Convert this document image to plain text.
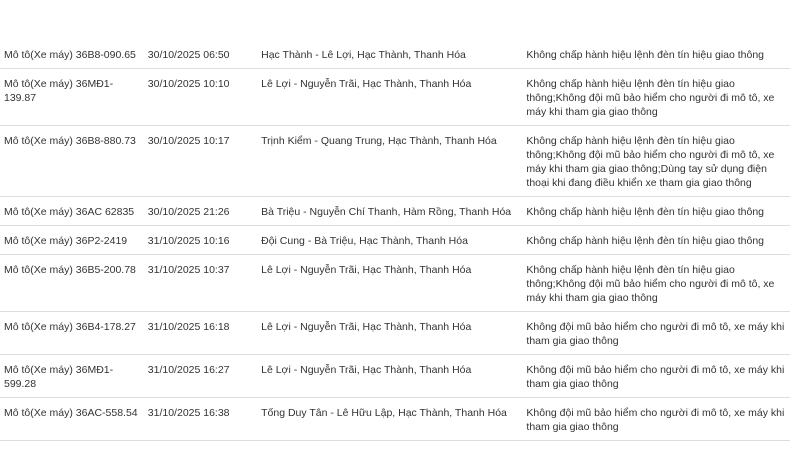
Mô tô(Xe máy) 36B8-090.65	30/10/2025 06:50	Hạc Thành - Lê Lợi, Hạc Thành, Thanh Hóa	Không chấp hành hiệu lệnh đèn tín hiệu giao thông
Mô tô(Xe máy) 36MĐ1-139.87	30/10/2025 10:10	Lê Lợi - Nguyễn Trãi, Hạc Thành, Thanh Hóa	Không chấp hành hiệu lệnh đèn tín hiệu giao thông;Không đội mũ bảo hiểm cho người đi mô tô, xe máy khi tham gia giao thông
Mô tô(Xe máy) 36B8-880.73	30/10/2025 10:17	Trịnh Kiểm - Quang Trung, Hạc Thành, Thanh Hóa	Không chấp hành hiệu lệnh đèn tín hiệu giao thông;Không đội mũ bảo hiểm cho người đi mô tô, xe máy khi tham gia giao thông;Dùng tay sử dụng điện thoại khi đang điều khiển xe tham gia giao thông
Mô tô(Xe máy) 36AC 62835	30/10/2025 21:26	Bà Triệu - Nguyễn Chí Thanh, Hàm Rồng, Thanh Hóa	Không chấp hành hiệu lệnh đèn tín hiệu giao thông
Mô tô(Xe máy) 36P2-2419	31/10/2025 10:16	Đội Cung - Bà Triệu, Hạc Thành, Thanh Hóa	Không chấp hành hiệu lệnh đèn tín hiệu giao thông
Mô tô(Xe máy) 36B5-200.78	31/10/2025 10:37	Lê Lợi - Nguyễn Trãi, Hạc Thành, Thanh Hóa	Không chấp hành hiệu lệnh đèn tín hiệu giao thông;Không đội mũ bảo hiểm cho người đi mô tô, xe máy khi tham gia giao thông
Mô tô(Xe máy) 36B4-178.27	31/10/2025 16:18	Lê Lợi - Nguyễn Trãi, Hạc Thành, Thanh Hóa	Không đội mũ bảo hiểm cho người đi mô tô, xe máy khi tham gia giao thông
Mô tô(Xe máy) 36MĐ1-599.28	31/10/2025 16:27	Lê Lợi - Nguyễn Trãi, Hạc Thành, Thanh Hóa	Không đội mũ bảo hiểm cho người đi mô tô, xe máy khi tham gia giao thông
Mô tô(Xe máy) 36AC-558.54	31/10/2025 16:38	Tống Duy Tân - Lê Hữu Lập, Hạc Thành, Thanh Hóa	Không đội mũ bảo hiểm cho người đi mô tô, xe máy khi tham gia giao thông
